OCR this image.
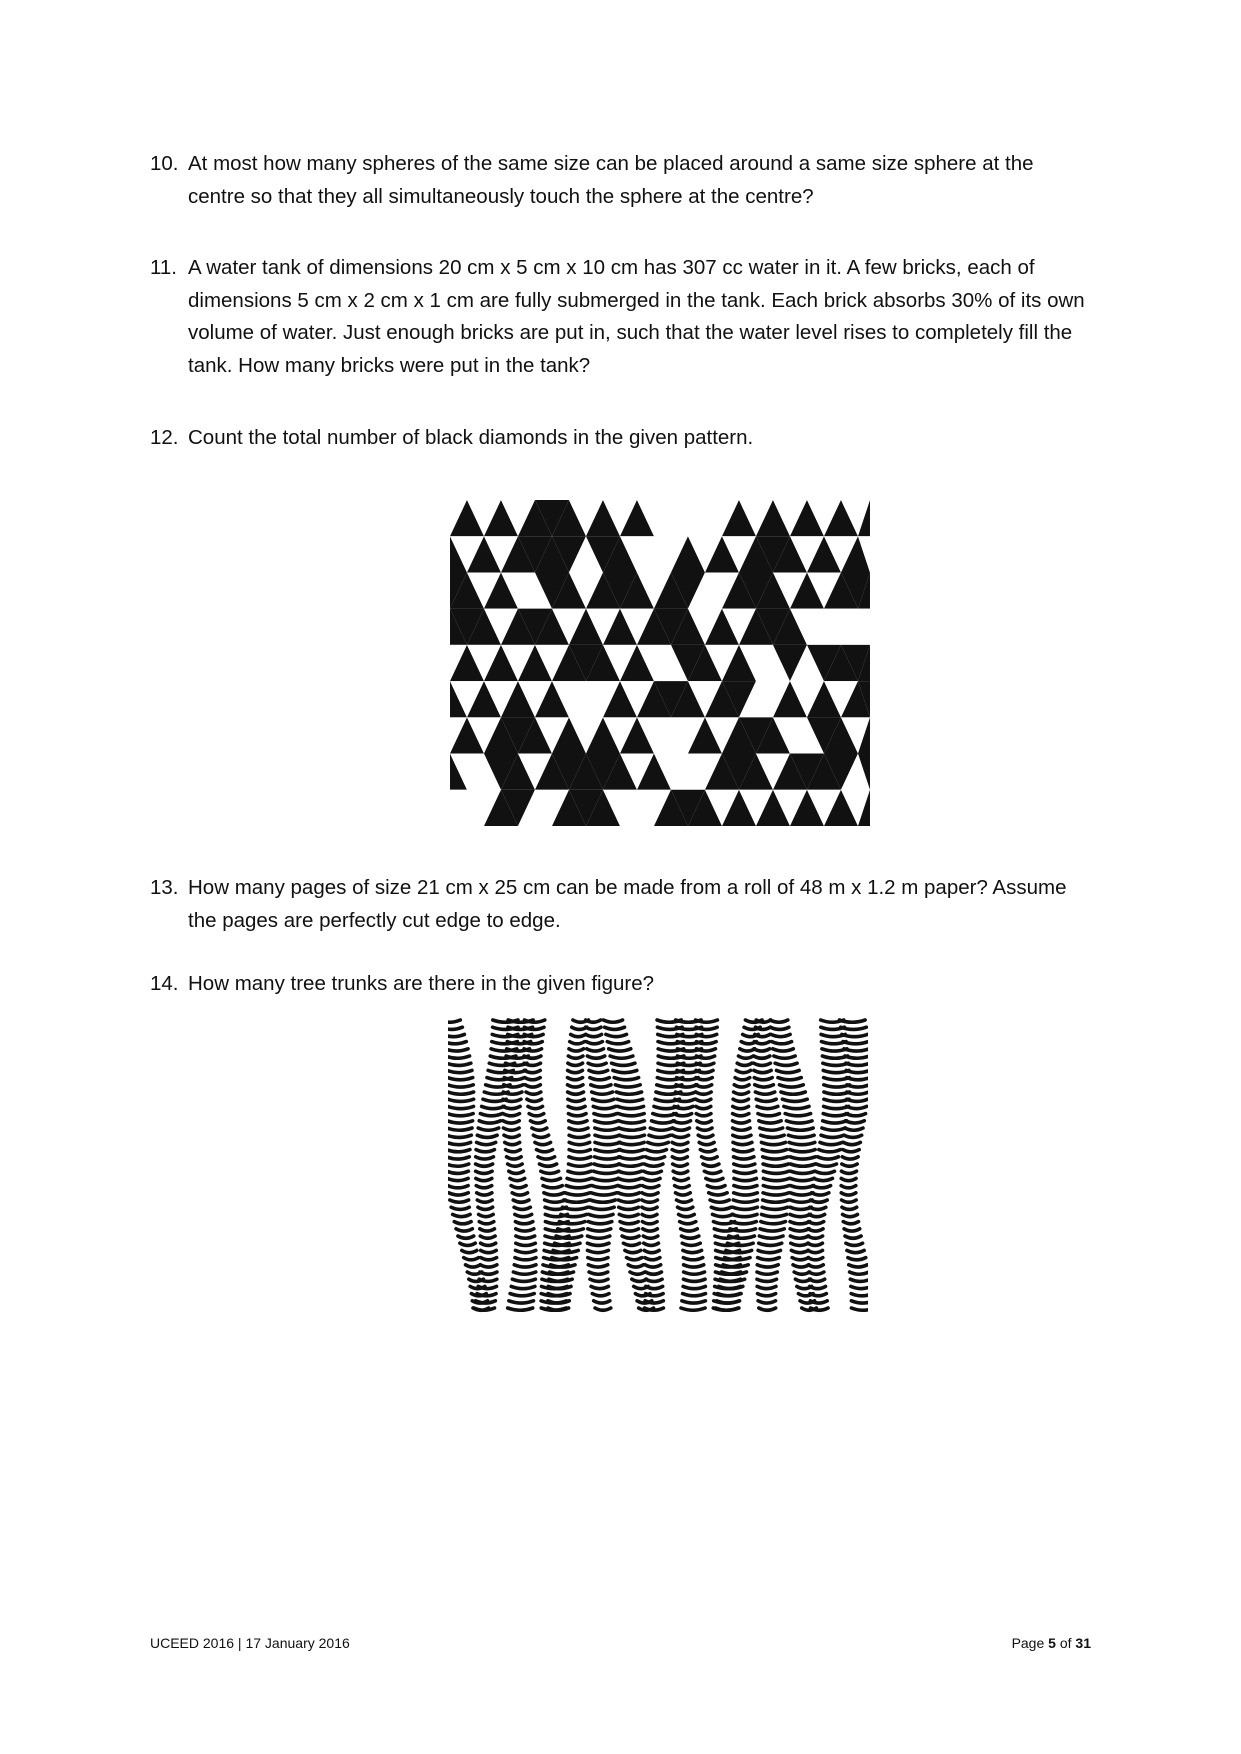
10. At most how many spheres of the same size can be placed around a same size sphere at the centre so that they all simultaneously touch the sphere at the centre?
11. A water tank of dimensions 20 cm x 5 cm x 10 cm has 307 cc water in it. A few bricks, each of dimensions 5 cm x 2 cm x 1 cm are fully submerged in the tank. Each brick absorbs 30% of its own volume of water. Just enough bricks are put in, such that the water level rises to completely fill the tank. How many bricks were put in the tank?
12. Count the total number of black diamonds in the given pattern.
13. How many pages of size 21 cm x 25 cm can be made from a roll of 48 m x 1.2 m paper? Assume the pages are perfectly cut edge to edge.
14. How many tree trunks are there in the given figure?
UCEED 2016 | 17 January 2016	Page 5 of 31
